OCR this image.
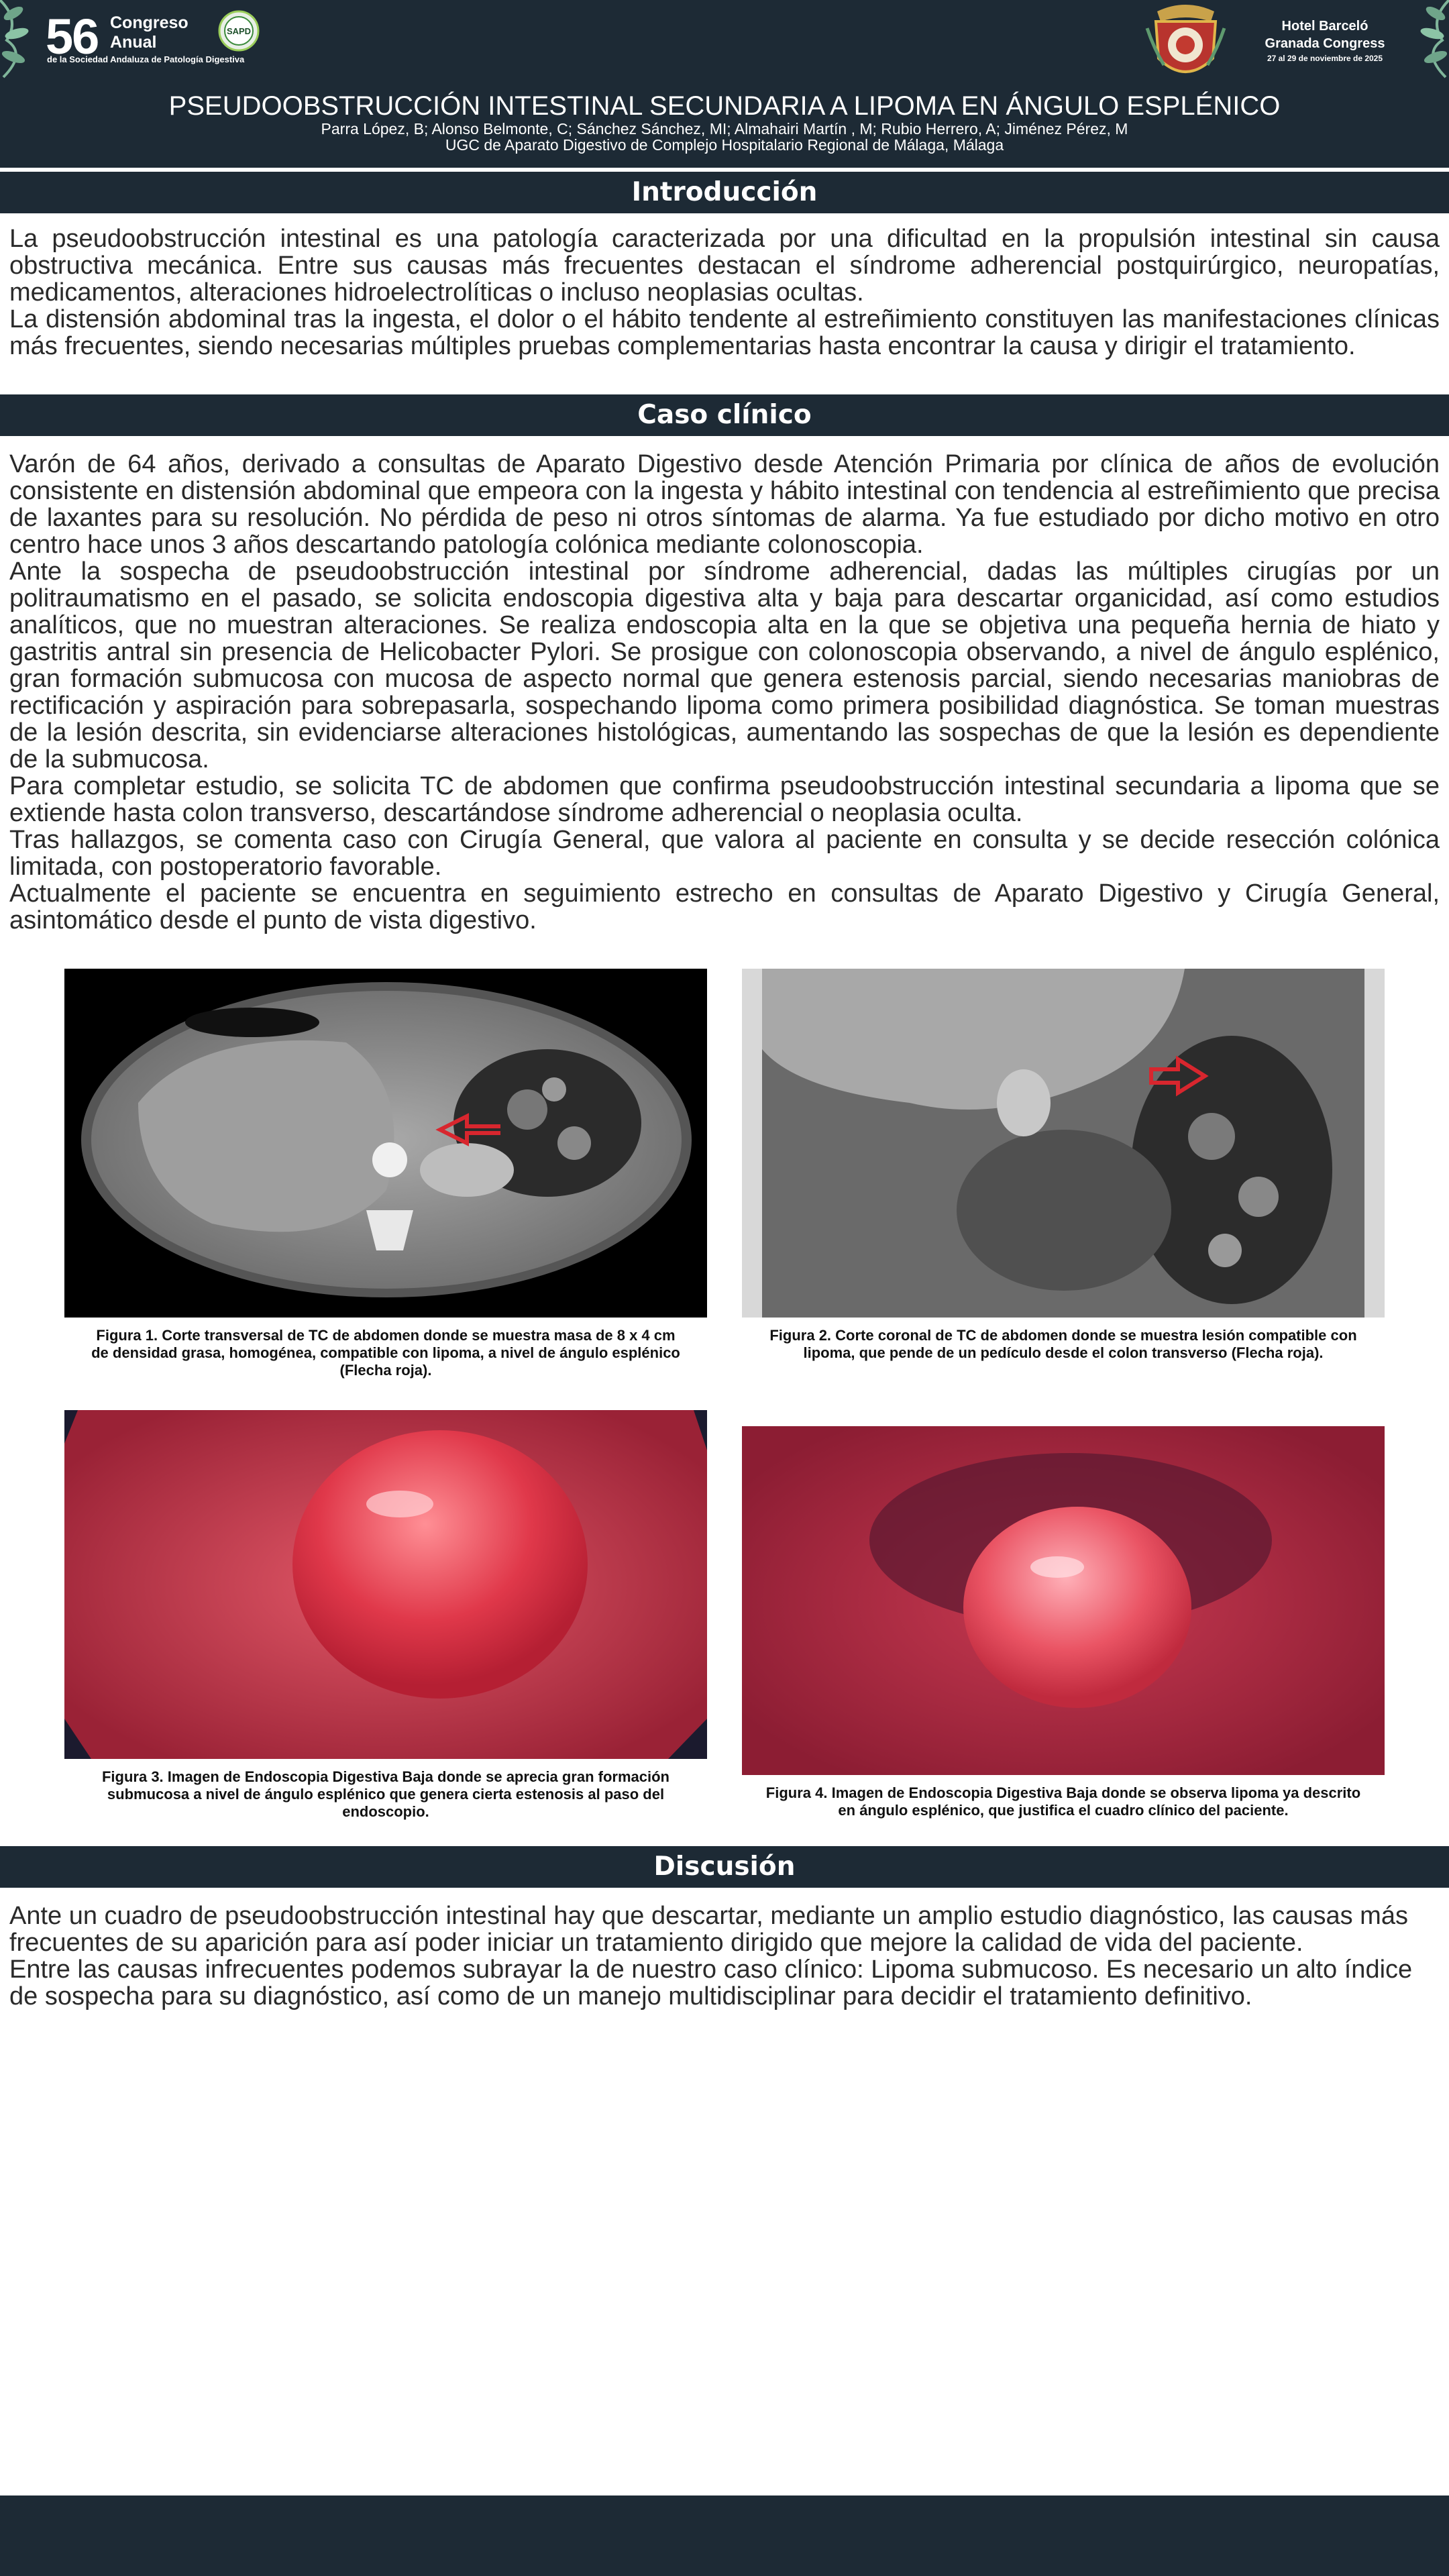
56 Congreso
Anual
de la Sociedad Andaluza de Patología Digestiva
SAPD	Hotel Barceló
Granada Congress
27 al 29 de noviembre de 2025
PSEUDOOBSTRUCCIÓN INTESTINAL SECUNDARIA A LIPOMA EN ÁNGULO ESPLÉNICO
Parra López, B; Alonso Belmonte, C; Sánchez Sánchez, MI; Almahairi Martín , M; Rubio Herrero, A; Jiménez Pérez, M
UGC de Aparato Digestivo de Complejo Hospitalario Regional de Málaga, Málaga
Introducción

La pseudoobstrucción intestinal es una patología caracterizada por una dificultad en la propulsión intestinal sin causa obstructiva mecánica. Entre sus causas más frecuentes destacan el síndrome adherencial postquirúrgico, neuropatías, medicamentos, alteraciones hidroelectrolíticas o incluso neoplasias ocultas.

La distensión abdominal tras la ingesta, el dolor o el hábito tendente al estreñimiento constituyen las manifestaciones clínicas más frecuentes, siendo necesarias múltiples pruebas complementarias hasta encontrar la causa y dirigir el tratamiento.

Caso clínico

Varón de 64 años, derivado a consultas de Aparato Digestivo desde Atención Primaria por clínica de años de evolución consistente en distensión abdominal que empeora con la ingesta y hábito intestinal con tendencia al estreñimiento que precisa de laxantes para su resolución. No pérdida de peso ni otros síntomas de alarma. Ya fue estudiado por dicho motivo en otro centro hace unos 3 años descartando patología colónica mediante colonoscopia.

Ante la sospecha de pseudoobstrucción intestinal por síndrome adherencial, dadas las múltiples cirugías por un politraumatismo en el pasado, se solicita endoscopia digestiva alta y baja para descartar organicidad, así como estudios analíticos, que no muestran alteraciones. Se realiza endoscopia alta en la que se objetiva una pequeña hernia de hiato y gastritis antral sin presencia de Helicobacter Pylori. Se prosigue con colonoscopia observando, a nivel de ángulo esplénico, gran formación submucosa con mucosa de aspecto normal que genera estenosis parcial, siendo necesarias maniobras de rectificación y aspiración para sobrepasarla, sospechando lipoma como primera posibilidad diagnóstica. Se toman muestras de la lesión descrita, sin evidenciarse alteraciones histológicas, aumentando las sospechas de que la lesión es dependiente de la submucosa.

Para completar estudio, se solicita TC de abdomen que confirma pseudoobstrucción intestinal secundaria a lipoma que se extiende hasta colon transverso, descartándose síndrome adherencial o neoplasia oculta.

Tras hallazgos, se comenta caso con Cirugía General, que valora al paciente en consulta y se decide resección colónica limitada, con postoperatorio favorable.

Actualmente el paciente se encuentra en seguimiento estrecho en consultas de Aparato Digestivo y Cirugía General, asintomático desde el punto de vista digestivo.

Figura 1. Corte transversal de TC de abdomen donde se muestra masa de 8 x 4 cm de densidad grasa, homogénea, compatible con lipoma, a nivel de ángulo esplénico (Flecha roja).
Figura 2. Corte coronal de TC de abdomen donde se muestra lesión compatible con lipoma, que pende de un pedículo desde el colon transverso (Flecha roja).
Figura 3. Imagen de Endoscopia Digestiva Baja donde se aprecia gran formación submucosa a nivel de ángulo esplénico que genera cierta estenosis al paso del endoscopio.
Figura 4. Imagen de Endoscopia Digestiva Baja donde se observa lipoma ya descrito en ángulo esplénico, que justifica el cuadro clínico del paciente.
Discusión

Ante un cuadro de pseudoobstrucción intestinal hay que descartar, mediante un amplio estudio diagnóstico, las causas más frecuentes de su aparición para así poder iniciar un tratamiento dirigido que mejore la calidad de vida del paciente.

Entre las causas infrecuentes podemos subrayar la de nuestro caso clínico: Lipoma submucoso. Es necesario un alto índice de sospecha para su diagnóstico, así como de un manejo multidisciplinar para decidir el tratamiento definitivo.
